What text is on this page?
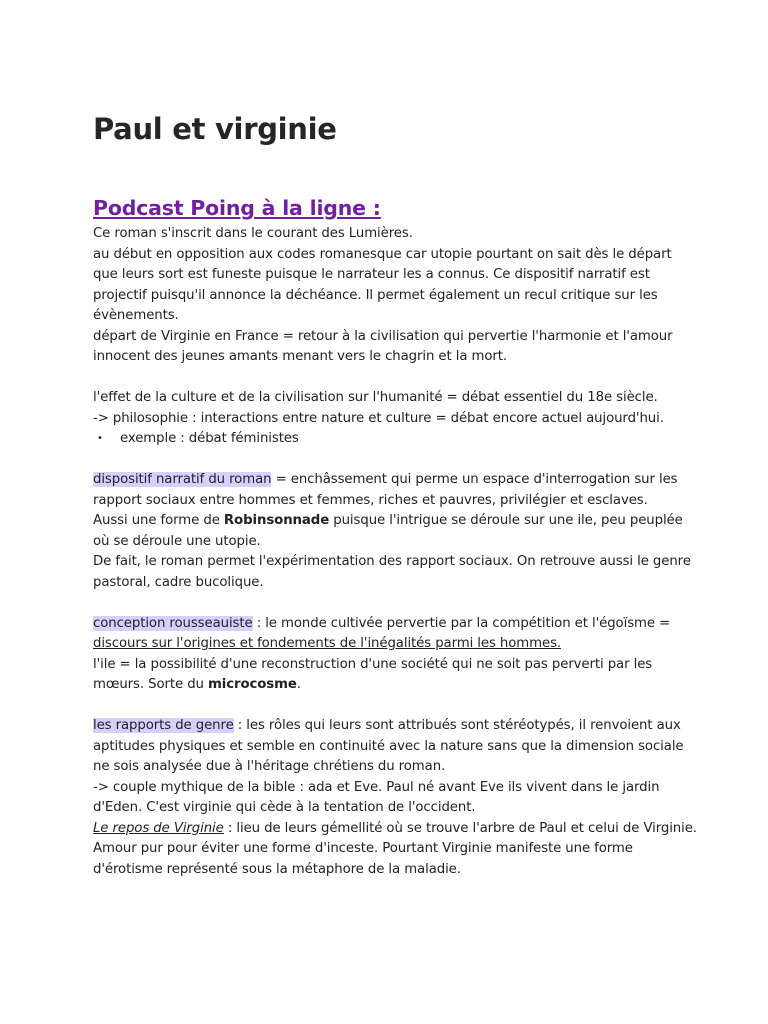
Paul et virginie
Podcast Poing à la ligne :
Ce roman s'inscrit dans le courant des Lumières.
au début en opposition aux codes romanesque car utopie pourtant on sait dès le départ
que leurs sort est funeste puisque le narrateur les a connus. Ce dispositif narratif est
projectif puisqu'il annonce la déchéance. Il permet également un recul critique sur les
évènements.
départ de Virginie en France = retour à la civilisation qui pervertie l'harmonie et l'amour
innocent des jeunes amants menant vers le chagrin et la mort.
l'effet de la culture et de la civilisation sur l'humanité = débat essentiel du 18e siècle.
-> philosophie : interactions entre nature et culture = débat encore actuel aujourd'hui.
• exemple : débat féministes
dispositif narratif du roman = enchâssement qui perme un espace d'interrogation sur les
rapport sociaux entre hommes et femmes, riches et pauvres, privilégier et esclaves.
Aussi une forme de Robinsonnade puisque l'intrigue se déroule sur une ile, peu peuplée
où se déroule une utopie.
De fait, le roman permet l'expérimentation des rapport sociaux. On retrouve aussi le genre
pastoral, cadre bucolique.
conception rousseauiste : le monde cultivée pervertie par la compétition et l'égoïsme =
discours sur l'origines et fondements de l'inégalités parmi les hommes.
l'ile = la possibilité d'une reconstruction d'une société qui ne soit pas perverti par les
mœurs. Sorte du microcosme.
les rapports de genre : les rôles qui leurs sont attribués sont stéréotypés, il renvoient aux
aptitudes physiques et semble en continuité avec la nature sans que la dimension sociale
ne sois analysée due à l'héritage chrétiens du roman.
-> couple mythique de la bible : ada et Eve. Paul né avant Eve ils vivent dans le jardin
d'Eden. C'est virginie qui cède à la tentation de l'occident.
Le repos de Virginie : lieu de leurs gémellité où se trouve l'arbre de Paul et celui de Virginie.
Amour pur pour éviter une forme d'inceste. Pourtant Virginie manifeste une forme
d'érotisme représenté sous la métaphore de la maladie.
